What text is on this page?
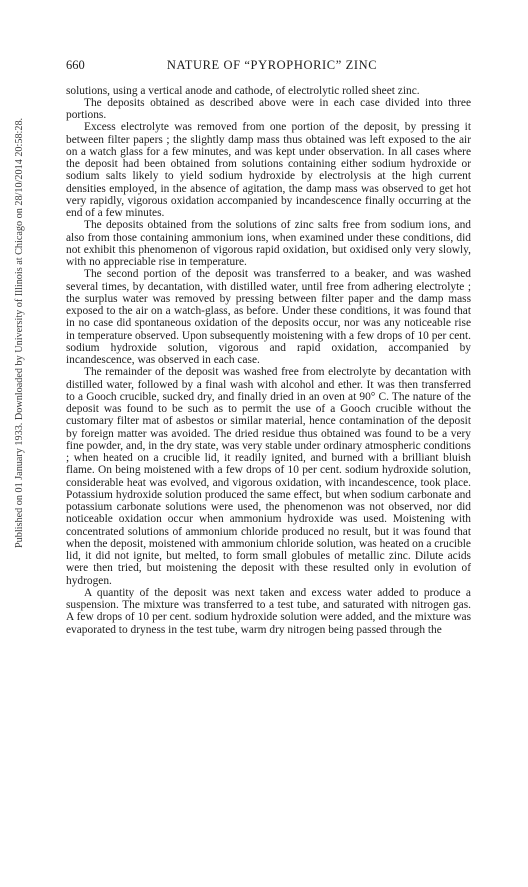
Published on 01 January 1933. Downloaded by University of Illinois at Chicago on 28/10/2014 20:58:28.
660	NATURE OF “PYROPHORIC” ZINC

solutions, using a vertical anode and cathode, of electrolytic rolled sheet zinc.

The deposits obtained as described above were in each case divided into three portions.

Excess electrolyte was removed from one portion of the deposit, by pressing it between filter papers ; the slightly damp mass thus obtained was left exposed to the air on a watch glass for a few minutes, and was kept under observation. In all cases where the deposit had been obtained from solutions containing either sodium hydroxide or sodium salts likely to yield sodium hydroxide by electrolysis at the high current densities employed, in the absence of agitation, the damp mass was observed to get hot very rapidly, vigorous oxidation accompanied by incandescence finally occurring at the end of a few minutes.

The deposits obtained from the solutions of zinc salts free from sodium ions, and also from those containing ammonium ions, when examined under these conditions, did not exhibit this phenomenon of vigorous rapid oxidation, but oxidised only very slowly, with no appreciable rise in temperature.

The second portion of the deposit was transferred to a beaker, and was washed several times, by decantation, with distilled water, until free from adhering electrolyte ; the surplus water was removed by pressing between filter paper and the damp mass exposed to the air on a watch-glass, as before. Under these conditions, it was found that in no case did spontaneous oxidation of the deposits occur, nor was any noticeable rise in temperature observed. Upon subsequently moistening with a few drops of 10 per cent. sodium hydroxide solution, vigorous and rapid oxidation, accompanied by incandescence, was observed in each case.

The remainder of the deposit was washed free from electrolyte by decantation with distilled water, followed by a final wash with alcohol and ether. It was then transferred to a Gooch crucible, sucked dry, and finally dried in an oven at 90° C. The nature of the deposit was found to be such as to permit the use of a Gooch crucible without the customary filter mat of asbestos or similar material, hence contamination of the deposit by foreign matter was avoided. The dried residue thus obtained was found to be a very fine powder, and, in the dry state, was very stable under ordinary atmospheric conditions ; when heated on a crucible lid, it readily ignited, and burned with a brilliant bluish flame. On being moistened with a few drops of 10 per cent. sodium hydroxide solution, considerable heat was evolved, and vigorous oxidation, with incandescence, took place. Potassium hydroxide solution produced the same effect, but when sodium carbonate and potassium carbonate solutions were used, the phenomenon was not observed, nor did noticeable oxidation occur when ammonium hydroxide was used. Moistening with concentrated solutions of ammonium chloride produced no result, but it was found that when the deposit, moistened with ammonium chloride solution, was heated on a crucible lid, it did not ignite, but melted, to form small globules of metallic zinc. Dilute acids were then tried, but moistening the deposit with these resulted only in evolution of hydrogen.

A quantity of the deposit was next taken and excess water added to produce a suspension. The mixture was transferred to a test tube, and saturated with nitrogen gas. A few drops of 10 per cent. sodium hydroxide solution were added, and the mixture was evaporated to dryness in the test tube, warm dry nitrogen being passed through the
